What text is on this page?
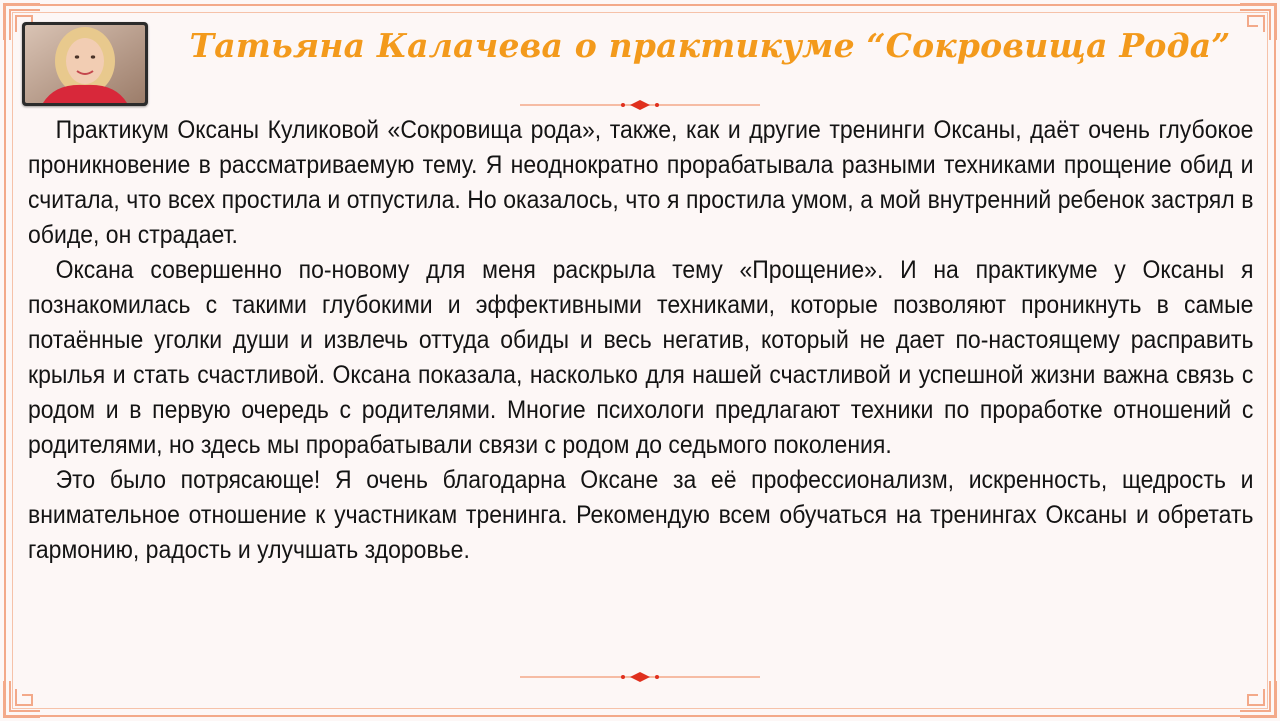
Татьяна Калачева о практикуме “Сокровища Рода”

Практикум Оксаны Куликовой «Сокровища рода», также, как и другие тренинги Оксаны, даёт очень глубокое проникновение в рассматриваемую тему. Я неоднократно прорабатывала разными техниками прощение обид и считала, что всех простила и отпустила. Но оказалось, что я простила умом, а мой внутренний ребенок застрял в обиде, он страдает.

Оксана совершенно по-новому для меня раскрыла тему «Прощение». И на практикуме у Оксаны я познакомилась с такими глубокими и эффективными техниками, которые позволяют проникнуть в самые потаённые уголки души и извлечь оттуда обиды и весь негатив, который не дает по-настоящему расправить крылья и стать счастливой. Оксана показала, насколько для нашей счастливой и успешной жизни важна связь с родом и в первую очередь с родителями. Многие психологи предлагают техники по проработке отношений с родителями, но здесь мы прорабатывали связи с родом до седьмого поколения.

Это было потрясающе! Я очень благодарна Оксане за её профессионализм, искренность, щедрость и внимательное отношение к участникам тренинга. Рекомендую всем обучаться на тренингах Оксаны и обретать гармонию, радость и улучшать здоровье.
